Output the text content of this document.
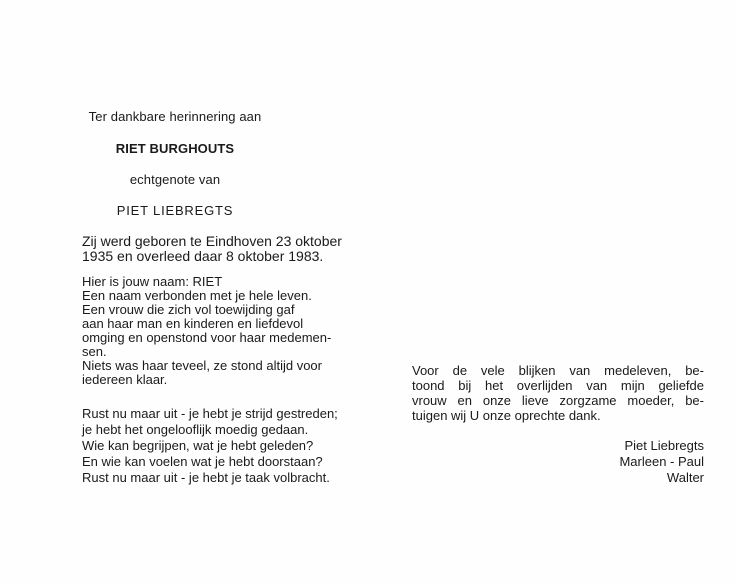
Ter dankbare herinnering aan
RIET BURGHOUTS
echtgenote van
PIET LIEBREGTS
Zij werd geboren te Eindhoven 23 oktober
1935 en overleed daar 8 oktober 1983.
Hier is jouw naam: RIET
Een naam verbonden met je hele leven.
Een vrouw die zich vol toewijding gaf
aan haar man en kinderen en liefdevol
omging en openstond voor haar medemen-
sen.
Niets was haar teveel, ze stond altijd voor
iedereen klaar.
Rust nu maar uit - je hebt je strijd gestreden;
je hebt het ongelooflijk moedig gedaan.
Wie kan begrijpen, wat je hebt geleden?
En wie kan voelen wat je hebt doorstaan?
Rust nu maar uit - je hebt je taak volbracht.
Voor de vele blijken van medeleven, be-
toond bij het overlijden van mijn geliefde
vrouw en onze lieve zorgzame moeder, be-
tuigen wij U onze oprechte dank.
Piet Liebregts
Marleen - Paul
Walter
